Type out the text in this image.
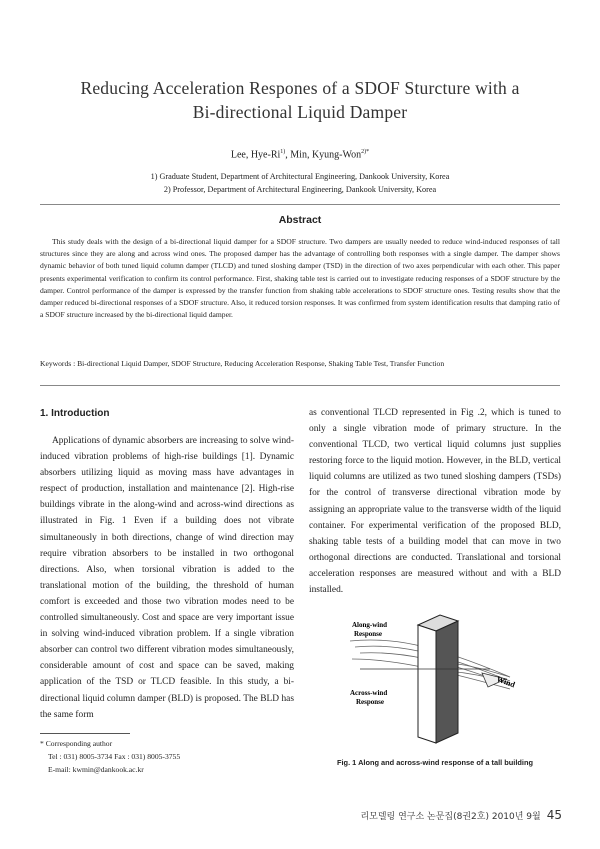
Reducing Acceleration Respones of a SDOF Sturcture with a
Bi-directional Liquid Damper
Lee, Hye-Ri$^{1)}$, Min, Kyung-Won$^{2)*}$
1) Graduate Student, Department of Architectural Engineering, Dankook University, Korea
2) Professor, Department of Architectural Engineering, Dankook University, Korea
Abstract
This study deals with the design of a bi-directional liquid damper for a SDOF structure. Two dampers are usually needed to reduce wind-induced responses of tall structures since they are along and across wind ones. The proposed damper has the advantage of controlling both responses with a single damper. The damper shows dynamic behavior of both tuned liquid column damper (TLCD) and tuned sloshing damper (TSD) in the direction of two axes perpendicular with each other. This paper presents experimental verification to confirm its control performance. First, shaking table test is carried out to investigate reducing responses of a SDOF structure by the damper. Control performance of the damper is expressed by the transfer function from shaking table accelerations to SDOF structure ones. Testing results show that the damper reduced bi-directional responses of a SDOF structure. Also, it reduced torsion responses. It was confirmed from system identification results that damping ratio of a SDOF structure increased by the bi-directional liquid damper.
Keywords : Bi-directional Liquid Damper, SDOF Structure, Reducing Acceleration Response, Shaking Table Test, Transfer Function
1. Introduction
Applications of dynamic absorbers are increasing to solve wind-induced vibration problems of high-rise buildings [1]. Dynamic absorbers utilizing liquid as moving mass have advantages in respect of production, installation and maintenance [2]. High-rise buildings vibrate in the along-wind and across-wind directions as illustrated in Fig. 1 Even if a building does not vibrate simultaneously in both directions, change of wind direction may require vibration absorbers to be installed in two orthogonal directions. Also, when torsional vibration is added to the translational motion of the building, the threshold of human comfort is exceeded and those two vibration modes need to be controlled simultaneously. Cost and space are very important issue in solving wind-induced vibration problem. If a single vibration absorber can control two different vibration modes simultaneously, considerable amount of cost and space can be saved, making application of the TSD or TLCD feasible. In this study, a bi-directional liquid column damper (BLD) is proposed. The BLD has the same form
as conventional TLCD represented in Fig .2, which is tuned to only a single vibration mode of primary structure. In the conventional TLCD, two vertical liquid columns just supplies restoring force to the liquid motion. However, in the BLD, vertical liquid columns are utilized as two tuned sloshing dampers (TSDs) for the control of transverse directional vibration mode by assigning an appropriate value to the transverse width of the liquid container. For experimental verification of the proposed BLD, shaking table tests of a building model that can move in two orthogonal directions are conducted. Translational and torsional acceleration responses are measured without and with a BLD installed.
* Corresponding author
Tel : 031) 8005-3734 Fax : 031) 8005-3755
E-mail: kwmin@dankook.ac.kr
Wind
Along-wind
Response
Across-wind
Response
Fig. 1 Along and across-wind response of a tall building
리모델링 연구소 논문집(8권2호) 2010년 9월 45
